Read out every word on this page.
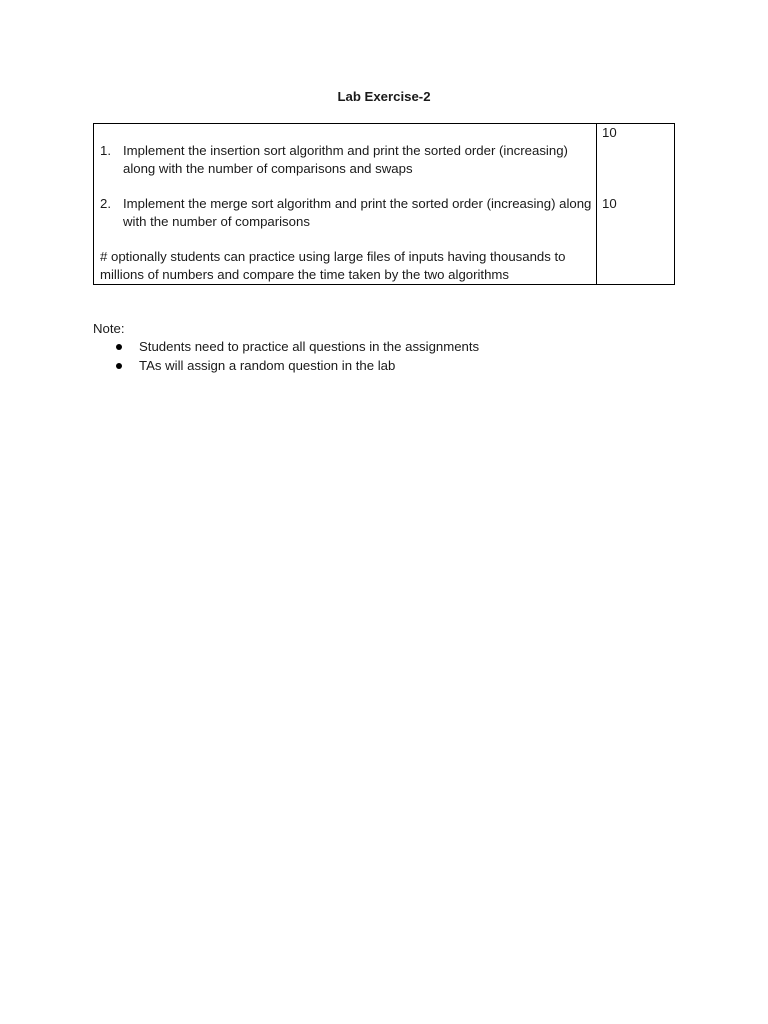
Lab Exercise-2
1. Implement the insertion sort algorithm and print the sorted order (increasing) along with the number of comparisons and swaps
10
2. Implement the merge sort algorithm and print the sorted order (increasing) along with the number of comparisons
10
# optionally students can practice using large files of inputs having thousands to millions of numbers and compare the time taken by the two algorithms
Note:
Students need to practice all questions in the assignments
TAs will assign a random question in the lab
